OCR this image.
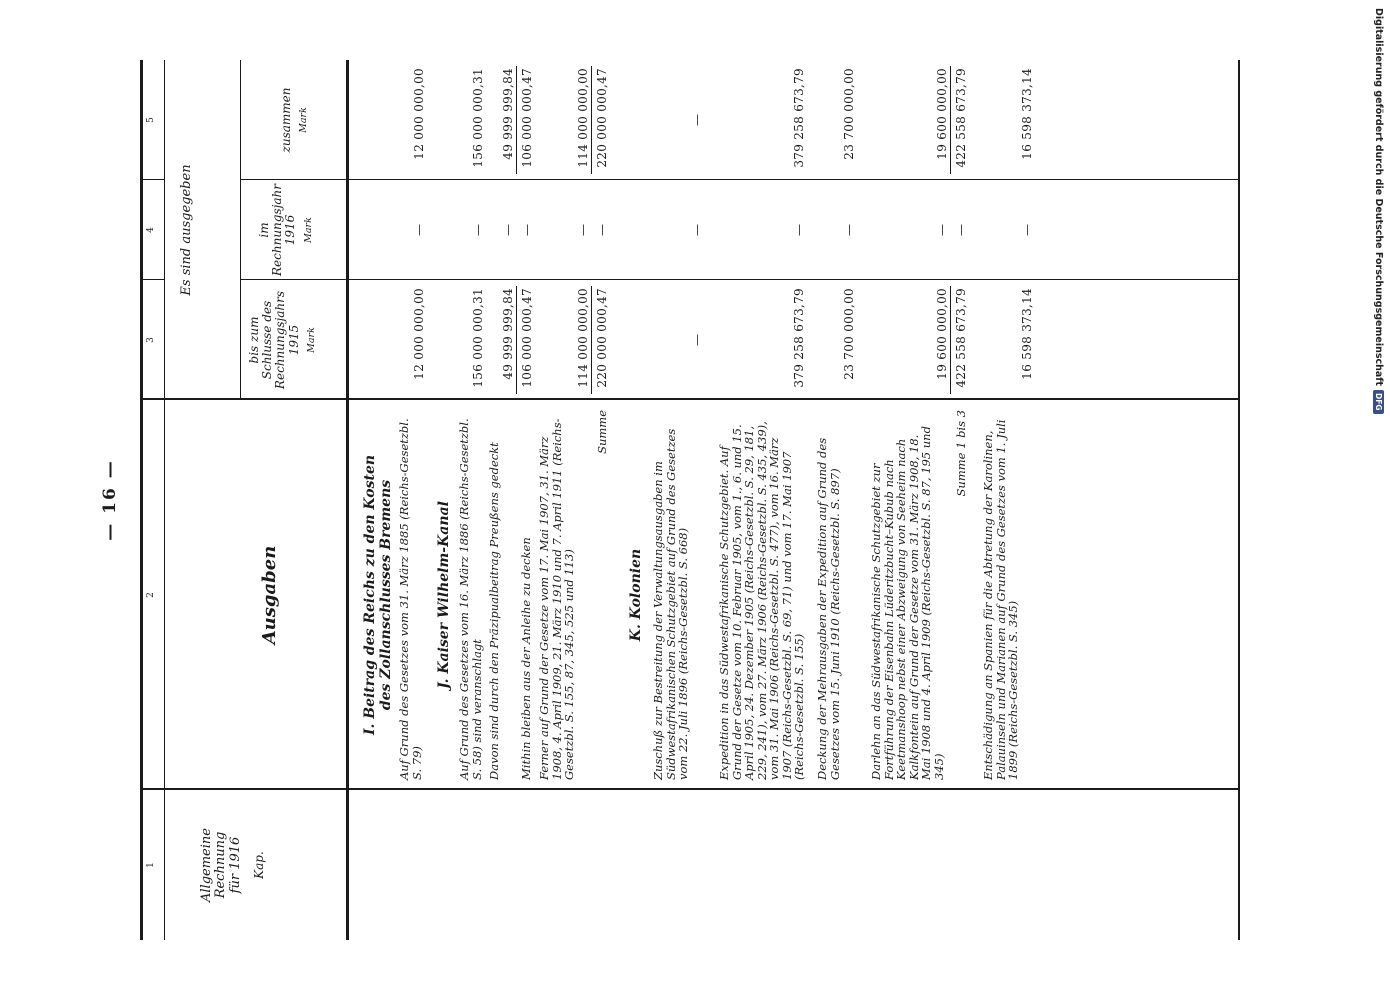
Digitalisierung gefördert durch die Deutsche Forschungsgemeinschaft
DFG
— 16 —
1
2
3
4
5
Allgemeine Rechnung für 1916 Kap.
Ausgaben
Es sind ausgegeben
bis zum Schlusse des Rechnungsjahrs 1915 Mark
im Rechnungsjahr 1916 Mark
zusammen Mark
I. Beitrag des Reichs zu den Kosten des Zollanschlusses Bremens Auf Grund des Gesetzes vom 31. März 1885 (Reichs-Gesetzbl. S. 79)
12 000 000,00
—
12 000 000,00
J. Kaiser Wilhelm-Kanal Auf Grund des Gesetzes vom 16. März 1886 (Reichs-Gesetzbl. S. 58) sind veranschlagt
156 000 000,31
—
156 000 000,31
Davon sind durch den Präzipualbeitrag Preußens gedeckt
49 999 999,84
—
49 999 999,84
Mithin bleiben aus der Anleihe zu decken
106 000 000,47
—
106 000 000,47
Ferner auf Grund der Gesetze vom 17. Mai 1907, 31. März 1908, 4. April 1909, 21. März 1910 und 7. April 1911 (Reichs-Gesetzbl. S. 155, 87, 345, 525 und 113)
114 000 000,00
—
114 000 000,00
Summe
220 000 000,47
—
220 000 000,47
K. Kolonien Zuschuß zur Bestreitung der Verwaltungsausgaben im Südwestafrikanischen Schutzgebiet auf Grund des Gesetzes vom 22. Juli 1896 (Reichs-Gesetzbl. S. 668)
—
—
—
Expedition in das Südwestafrikanische Schutzgebiet. Auf Grund der Gesetze vom 10. Februar 1905, vom 1., 6. und 15. April 1905, 24. Dezember 1905 (Reichs-Gesetzbl. S. 29, 181, 229, 241), vom 27. März 1906 (Reichs-Gesetzbl. S. 435, 439), vom 31. Mai 1906 (Reichs-Gesetzbl. S. 477), vom 16. März 1907 (Reichs-Gesetzbl. S. 69, 71) und vom 17. Mai 1907 (Reichs-Gesetzbl. S. 155)
379 258 673,79
—
379 258 673,79
Deckung der Mehrausgaben der Expedition auf Grund des Gesetzes vom 15. Juni 1910 (Reichs-Gesetzbl. S. 897)
23 700 000,00
—
23 700 000,00
Darlehn an das Südwestafrikanische Schutzgebiet zur Fortführung der Eisenbahn Lüderitzbucht–Kubub nach Keetmanshoop nebst einer Abzweigung von Seeheim nach Kalkfontein auf Grund der Gesetze vom 31. März 1908, 18. Mai 1908 und 4. April 1909 (Reichs-Gesetzbl. S. 87, 195 und 345)
19 600 000,00
—
19 600 000,00
Summe 1 bis 3
422 558 673,79
—
422 558 673,79
Entschädigung an Spanien für die Abtretung der Karolinen, Palauinseln und Marianen auf Grund des Gesetzes vom 1. Juli 1899 (Reichs-Gesetzbl. S. 345)
16 598 373,14
—
16 598 373,14
